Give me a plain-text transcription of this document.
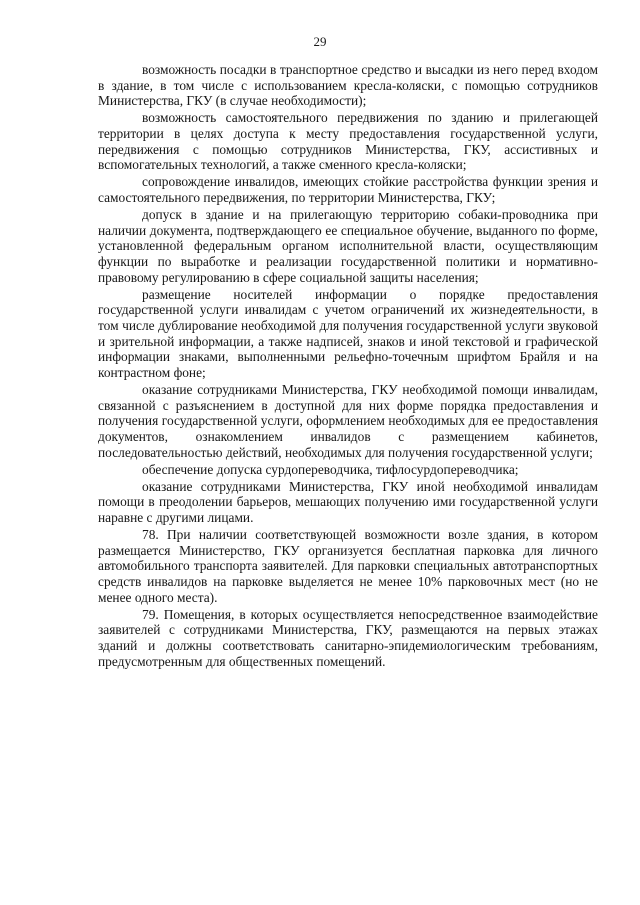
29

возможность посадки в транспортное средство и высадки из него перед входом в здание, в том числе с использованием кресла-коляски, с помощью сотрудников Министерства, ГКУ (в случае необходимости);

возможность самостоятельного передвижения по зданию и прилегающей территории в целях доступа к месту предоставления государственной услуги, передвижения с помощью сотрудников Министерства, ГКУ, ассистивных и вспомогательных технологий, а также сменного кресла-коляски;

сопровождение инвалидов, имеющих стойкие расстройства функции зрения и самостоятельного передвижения, по территории Министерства, ГКУ;

допуск в здание и на прилегающую территорию собаки-проводника при наличии документа, подтверждающего ее специальное обучение, выданного по форме, установленной федеральным органом исполнительной власти, осуществляющим функции по выработке и реализации государственной политики и нормативно-правовому регулированию в сфере социальной защиты населения;

размещение носителей информации о порядке предоставления государственной услуги инвалидам с учетом ограничений их жизнедеятельности, в том числе дублирование необходимой для получения государственной услуги звуковой и зрительной информации, а также надписей, знаков и иной текстовой и графической информации знаками, выполненными рельефно-точечным шрифтом Брайля и на контрастном фоне;

оказание сотрудниками Министерства, ГКУ необходимой помощи инвалидам, связанной с разъяснением в доступной для них форме порядка предоставления и получения государственной услуги, оформлением необходимых для ее предоставления документов, ознакомлением инвалидов с размещением кабинетов, последовательностью действий, необходимых для получения государственной услуги;

обеспечение допуска сурдопереводчика, тифлосурдопереводчика;

оказание сотрудниками Министерства, ГКУ иной необходимой инвалидам помощи в преодолении барьеров, мешающих получению ими государственной услуги наравне с другими лицами.

78. При наличии соответствующей возможности возле здания, в котором размещается Министерство, ГКУ организуется бесплатная парковка для личного автомобильного транспорта заявителей. Для парковки специальных автотранспортных средств инвалидов на парковке выделяется не менее 10% парковочных мест (но не менее одного места).

79. Помещения, в которых осуществляется непосредственное взаимодействие заявителей с сотрудниками Министерства, ГКУ, размещаются на первых этажах зданий и должны соответствовать санитарно-эпидемиологическим требованиям, предусмотренным для общественных помещений.
